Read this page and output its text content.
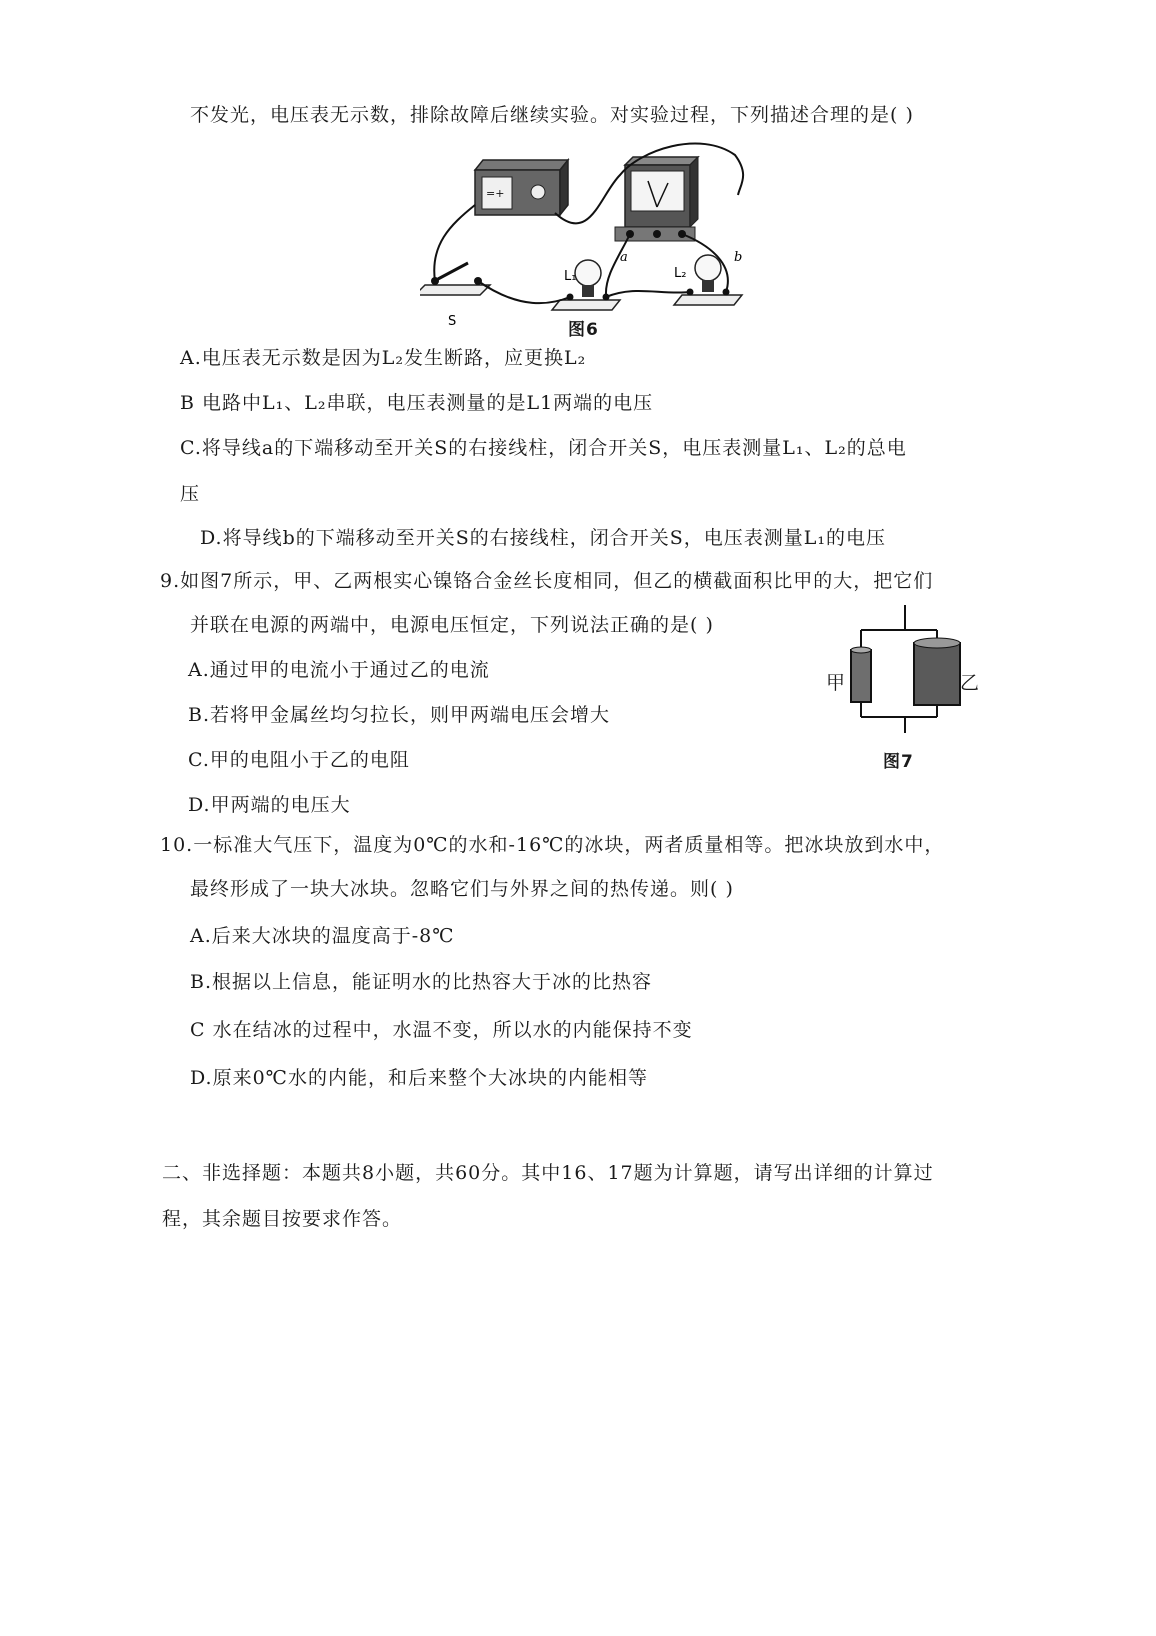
不发光，电压表无示数，排除故障后继续实验。对实验过程，下列描述合理的是( )
=+
S
L₁	L₂
a	b
图6
A.电压表无示数是因为L₂发生断路，应更换L₂
B 电路中L₁、L₂串联，电压表测量的是L1两端的电压
C.将导线a的下端移动至开关S的右接线柱，闭合开关S，电压表测量L₁、L₂的总电
压
D.将导线b的下端移动至开关S的右接线柱，闭合开关S，电压表测量L₁的电压
9.如图7所示，甲、乙两根实心镍铬合金丝长度相同，但乙的横截面积比甲的大，把它们
并联在电源的两端中，电源电压恒定，下列说法正确的是( )
A.通过甲的电流小于通过乙的电流
B.若将甲金属丝均匀拉长，则甲两端电压会增大
C.甲的电阻小于乙的电阻
D.甲两端的电压大
甲	乙
图7
10.一标准大气压下，温度为0℃的水和-16℃的冰块，两者质量相等。把冰块放到水中，
最终形成了一块大冰块。忽略它们与外界之间的热传递。则( )
A.后来大冰块的温度高于-8℃
B.根据以上信息，能证明水的比热容大于冰的比热容
C 水在结冰的过程中，水温不变，所以水的内能保持不变
D.原来0℃水的内能，和后来整个大冰块的内能相等
二、非选择题：本题共8小题，共60分。其中16、17题为计算题，请写出详细的计算过
程，其余题目按要求作答。
